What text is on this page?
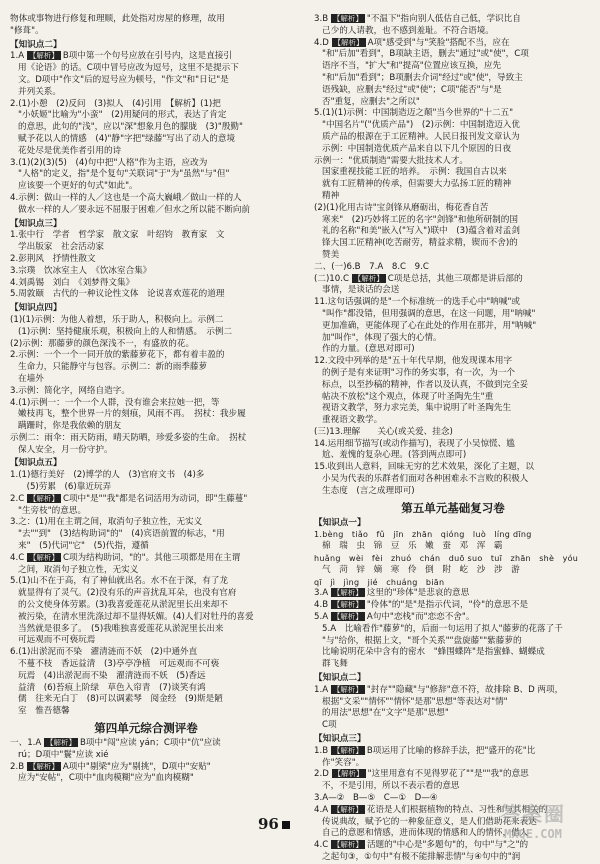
物体或事物进行修复和理顺，此处指对房屋的修理，故用
"修葺"。
【知识点二】
1.A 【解析】 B项中第一个句号应放在引号内，这是直接引
用《论语》的话。C项中冒号应改为逗号，这里不是提示下
文。D项中"作文"后的逗号应为顿号，"作文"和"日记"是
并列关系。
2.(1)小憩　(2)反问　(3)拟人　(4)引用　【解析】(1)把
"小妖姬"比喻为"小蛮"　(2)用疑问的形式，表达了肯定
的意思，此句的"浅"，应以"深"想象月色的朦胧　(3)"殷勤"
赋予花以人的情感　(4)"静"字把"绿藤"写出了动人的意境
花处尽是优美作者引用的诗
3.(1)(2)(3)(5)　(4)句中把"人格"作为主语，应改为
"人格"的定义，指"是个复句"关联词"于"为"虽然"与"但"
应该要一个更好的句式"如此"。
4.示例：做山一样的人／这也是一个高大巍峨／做山一样的人
做水一样的人／要永远不屈服于困难／但水之所以能不断向前
【知识点三】
1.张中行　学者　哲学家　散文家　叶绍钧　教育家　文
学出版家　社会活动家
2.彭荆风　抒情性散文
3.宗璞　饮冰室主人　《饮冰室合集》
4.刘禹锡　刘白　《刘梦得文集》
5.周敦颐　古代的一种议论性文体　论说喜欢莲花的道理
【知识点四】
(1)(1)示例：为他人着想，乐于助人，积极向上。示例二
(1)示例：坚持健康乐观，积极向上的人和情感。　示例二
(2)示例：那藤萝的颜色深浅不一，有盛放的花。
2.示例：一个一个一同开放的紫藤萝花下，都有着丰盈的
生命力，只能静守与包容。示例二：新的雨季藤萝
在墙外
3.示例：简化字，网络自造字。
4.(1)示例一：一个一个人群，没有谁会来拉她一把，等
嫩枝再飞，整个世界一片的刻痕，风雨不再。　拐杖：我步履
蹒跚时，你是我依赖的朋友
示例二：雨伞：雨天防雨，晴天防晒，珍爱多姿的生命。　拐杖
保人安全，月一份守护。
【知识点五】
1.(1)德行美好　(2)博学的人　(3)官府文书　(4)多
　(5)劳累　(6)靠近玩弄
2.C 【解析】 C项中"是""我"都是名词活用为动词，即"生藤蔓"
"生旁枝"的意思。
3.之：(1)用在主谓之间，取消句子独立性，无实义
"去""到"　(3)结构助词"的"　(4)宾语前置的标志，"用
来"　(5)代词"它"　(5)代指，遵循
4.C 【解析】 C项为结构助词，"的"。其他三项都是用在主谓
之间，取消句子独立性，无实义
5.(1)山不在于高，有了神仙就出名。水不在于深，有了龙
就显得有了灵气。(2)没有乐的声音扰乱耳朵，也没有官府
的公文使身体劳累。(3)我喜爱莲花从淤泥里长出来却不
被污染，在清水里洗涤过却不显得妖媚。(4)人们对牡丹的喜爱
当然就是很多了。　(5)我唯独喜爱莲花从淤泥里长出来
可远观而不可亵玩焉
6.(1)出淤泥而不染　濯清涟而不妖　(2)中通外直
不蔓不枝　香远益清　(3)亭亭净植　可远观而不可亵
玩焉　(4)出淤泥而不染　濯清涟而不妖　(5)香远
益清　(6)苔痕上阶绿　草色入帘青　(7)谈笑有鸿
儒　往来无白丁　(8)可以调素琴　阅金经　(9)斯是陋
室　惟吾德馨
第四单元综合测评卷
一、1.A 【解析】 B项中"闯"应读 yán；C项中"伉"应读
rú；D项中"鬟"应读 xié
2.B 【解析】 A项中"剔梁"应为"剔挑"，D项中"安贴"
应为"安帖"，C项中"血肉模糊"应为"血肉模糊"
3.B 【解析】 "不温下"指向别人低估自己低，学识比自
己少的人请教，也不感到羞耻。不符合语境。
4.D 【解析】 A项"感受到"与"笑脸"搭配不当，应在
"和"后加"看到"，B项缺主语，删去"通过"或"使"，C项
语序不当，"扩大"和"提高"位置应该互换，应先
"和"后加"看到"；B项删去介词"经过"或"使"，导致主
语残缺，应删去"经过"或"使"；C项"能否"与"是
否"重复，应删去"之所以"
5.(1)(1)示例：中国制造迈之颠"当今世界的"十二五"
"中国名片"("优质产品")　(2)示例：中国制造迈入优
质产品的根源在于工匠精神。人民日报刊发文章认为
示例：中国制造优质产品来自以下几个原因的日夜
示例一："优质制造"需要大批技术人才。
国家重视技能工匠的培养。　示例：我国自古以来
就有工匠精神的传承，但需要大力弘扬工匠的精神
精神
(2)(1)化用古诗"宝剑锋从磨砺出，梅花香自苦
寒来"　(2)巧妙将工匠的名字"剑锋"和他所研制的国
礼的名称"和美"嵌入("写入")联中　(3)蕴含着对孟剑
锋大国工匠精神(吃苦耐劳，精益求精，锲而不舍)的
赞美
二、(一)6.B　7.A　8.C　9.C
(二)10.C 【解析】 C项是总括，其他三项都是讲后部的
事情，是谈话的会送
11.这句话强调的是"一个标准统一的选手心中"呐喊"或
"叫作"都没错，但用强调的意思，在这一问题，用"呐喊"
更加准确，更能体现了心在此处的作用在那并，用"呐喊"
加"叫作"，体现了强大的心情。
作的力量。(意思对即可)
12.文段中列举的是"五十年代早期，他发现课本用字
的例子是有来证明"习作的务实事，有一次，为一个
标点，以至抄稿的精神，作者以及认真，不做到完全妥
帖决不放松"这个观点，体现了叶圣陶先生"重
视语文教学，努力求完美，集中说明了叶圣陶先生
重视语文教学。
(三)13.理解　　关心(或关爱、挂念)
14.运用细节描写(或动作描写)，表现了小吴惊慌、尴
尬、羞愧的复杂心理。(答到两点即可)
15.收到出人意料，回味无穷的艺术效果，深化了主题，以
小吴为代表的乐群者们面对各种困难永不言败的积极人
生态度　(言之成理即可)
第五单元基础复习卷
【知识点一】
1.bèng　tiǎo　fǔ　jīn　zhān　qióng　luò　líng dīng
棉　瑞　虫　锦　豆　乐　嫩　蚕　邓　浑　霸
huǎng　wèi　fèi　zhuó　chán　duō suo　tuī　zhān　shè　yóu
气　菏　锌　嫡　寒　伶　倒　附　屹　沙　涉　游
qī　jì　jìng　jié　chuáng　biān
3.A 【解析】 这里的"珍体"是悲哀的意思
4.B 【解析】 "伶体"的"是"是指示代词，"伶"的意思不是
5.A 【解析】 A句中"恋栈"而"恋恋不舍"。
5.A　比喻看作"藤萝"的，后面一句运用了拟人"藤萝的花落了千
"与"给你，根据上文，"哥个关系""盘旋藤""紫藤萝的
比喻说明花朵中含有的密水　"蜂围蝶阵"是指蜜蜂、蝴蝶成
群飞舞
【知识点二】
1.A 【解析】 "封存""隐藏"与"修辞"意不符，故排除 B、D 两项，
根据"文采""情怀""情怀"是那"思想"等表达对"情"
的用法"思想"在"文字"是那"思想"
C项
【知识点三】
1.B 【解析】 B项运用了比喻的修辞手法，把"盛开的花"比
作"笑容"。
2.D 【解析】 "这里用意有不见得罗花了""是""我"的意思
不，不是引用，所以不表示看的意思
3.A—②　B—⑤　C—①　D—④
4.A 【解析】 花语是人们根据植物的特点、习性和与其相关的
传说典故，赋予它的一种象征意义，是人们借助花来表达
自己的意愿和情感，进而体现的情感和人的情怀，借人
4.C 【解析】 活题的"中心是"多题句"的，句中"与"之"的
之起句③，①句中"有极不能排解悲情"与④句中的"润
96	答案圈
MXQE.COM
